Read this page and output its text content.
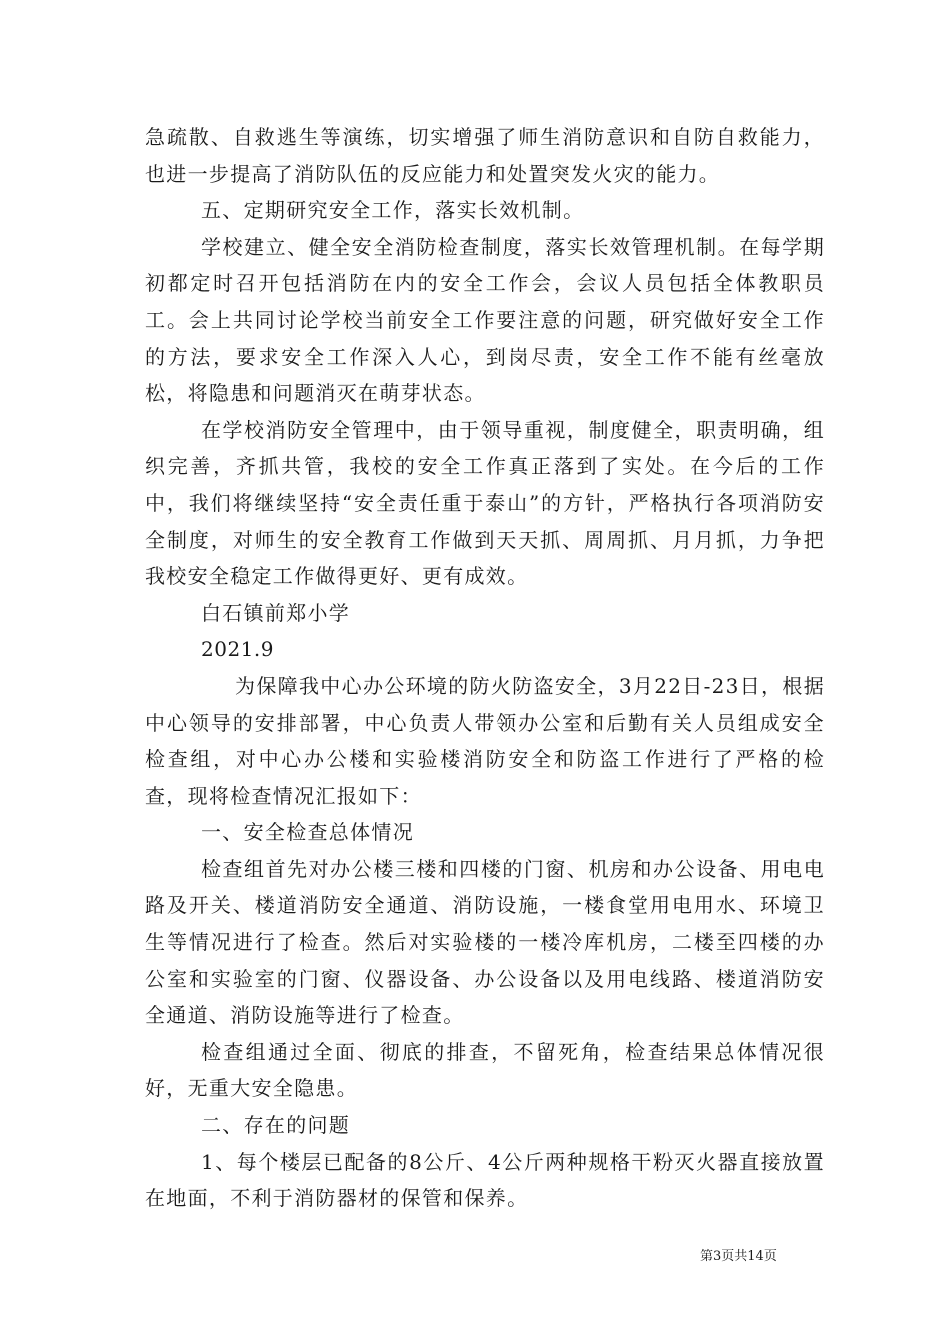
急疏散、自救逃生等演练，切实增强了师生消防意识和自防自救能力，也进一步提高了消防队伍的反应能力和处置突发火灾的能力。

五、定期研究安全工作，落实长效机制。

学校建立、健全安全消防检查制度，落实长效管理机制。在每学期初都定时召开包括消防在内的安全工作会，会议人员包括全体教职员工。会上共同讨论学校当前安全工作要注意的问题，研究做好安全工作的方法，要求安全工作深入人心，到岗尽责，安全工作不能有丝毫放松，将隐患和问题消灭在萌芽状态。

在学校消防安全管理中，由于领导重视，制度健全，职责明确，组织完善，齐抓共管，我校的安全工作真正落到了实处。在今后的工作中，我们将继续坚持“安全责任重于泰山”的方针，严格执行各项消防安全制度，对师生的安全教育工作做到天天抓、周周抓、月月抓，力争把我校安全稳定工作做得更好、更有成效。

白石镇前郑小学

2021.9

为保障我中心办公环境的防火防盗安全，3月22日-23日，根据中心领导的安排部署，中心负责人带领办公室和后勤有关人员组成安全检查组，对中心办公楼和实验楼消防安全和防盗工作进行了严格的检查，现将检查情况汇报如下：

一、安全检查总体情况

检查组首先对办公楼三楼和四楼的门窗、机房和办公设备、用电电路及开关、楼道消防安全通道、消防设施，一楼食堂用电用水、环境卫生等情况进行了检查。然后对实验楼的一楼冷库机房，二楼至四楼的办公室和实验室的门窗、仪器设备、办公设备以及用电线路、楼道消防安全通道、消防设施等进行了检查。

检查组通过全面、彻底的排查，不留死角，检查结果总体情况很好，无重大安全隐患。

二、存在的问题

1、每个楼层已配备的8公斤、4公斤两种规格干粉灭火器直接放置在地面，不利于消防器材的保管和保养。

第3页共14页
